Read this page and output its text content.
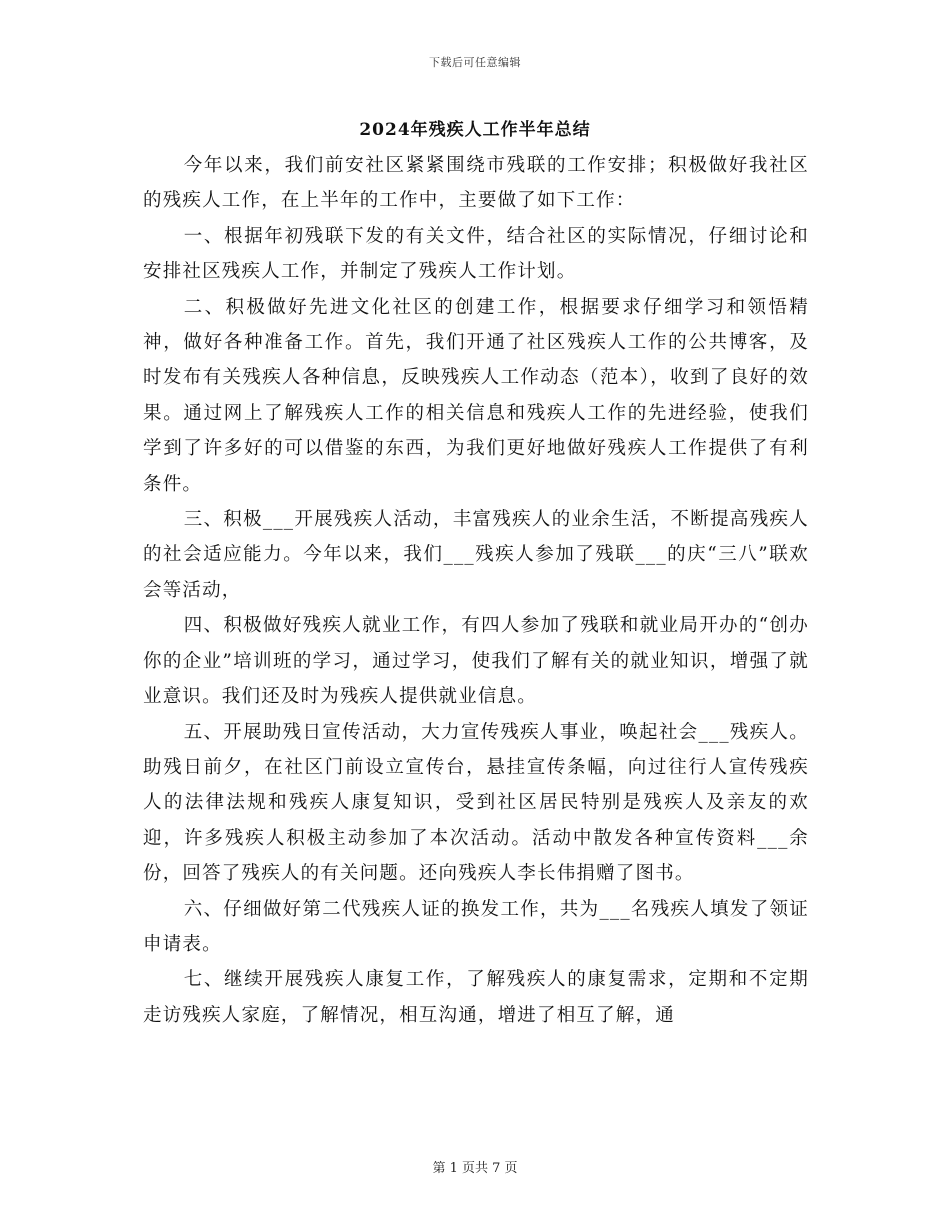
下载后可任意编辑
2024年残疾人工作半年总结

今年以来，我们前安社区紧紧围绕市残联的工作安排；积极做好我社区的残疾人工作，在上半年的工作中，主要做了如下工作：

一、根据年初残联下发的有关文件，结合社区的实际情况，仔细讨论和安排社区残疾人工作，并制定了残疾人工作计划。

二、积极做好先进文化社区的创建工作，根据要求仔细学习和领悟精神，做好各种准备工作。首先，我们开通了社区残疾人工作的公共博客，及时发布有关残疾人各种信息，反映残疾人工作动态（范本），收到了良好的效果。通过网上了解残疾人工作的相关信息和残疾人工作的先进经验，使我们学到了许多好的可以借鉴的东西，为我们更好地做好残疾人工作提供了有利条件。

三、积极___开展残疾人活动，丰富残疾人的业余生活，不断提高残疾人的社会适应能力。今年以来，我们___残疾人参加了残联___的庆“三八”联欢会等活动，

四、积极做好残疾人就业工作，有四人参加了残联和就业局开办的“创办你的企业”培训班的学习，通过学习，使我们了解有关的就业知识，增强了就业意识。我们还及时为残疾人提供就业信息。

五、开展助残日宣传活动，大力宣传残疾人事业，唤起社会___残疾人。助残日前夕，在社区门前设立宣传台，悬挂宣传条幅，向过往行人宣传残疾人的法律法规和残疾人康复知识，受到社区居民特别是残疾人及亲友的欢迎，许多残疾人积极主动参加了本次活动。活动中散发各种宣传资料___余份，回答了残疾人的有关问题。还向残疾人李长伟捐赠了图书。

六、仔细做好第二代残疾人证的换发工作，共为___名残疾人填发了领证申请表。

七、继续开展残疾人康复工作，了解残疾人的康复需求，定期和不定期走访残疾人家庭，了解情况，相互沟通，增进了相互了解，通

第 1 页共 7 页
